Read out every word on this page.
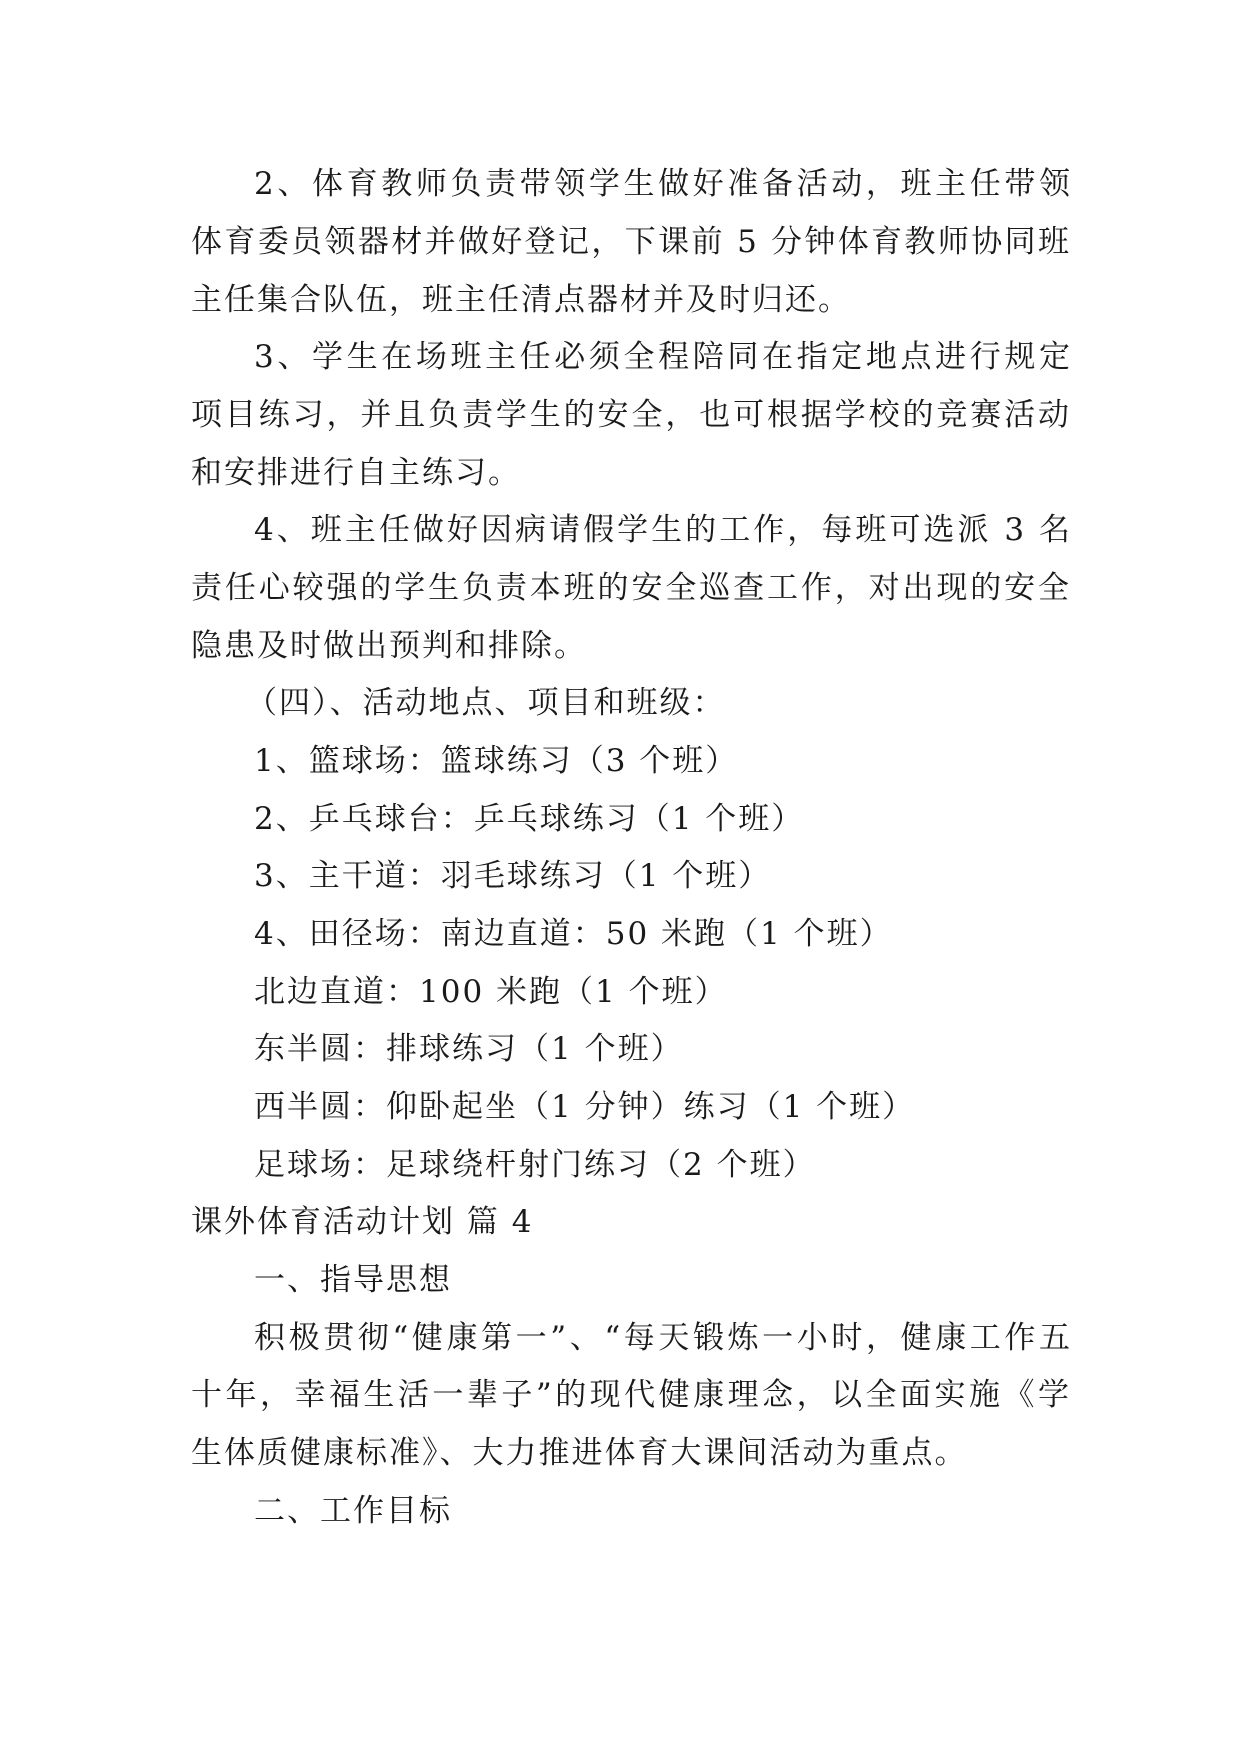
2、体育教师负责带领学生做好准备活动，班主任带领
体育委员领器材并做好登记，下课前 5 分钟体育教师协同班
主任集合队伍，班主任清点器材并及时归还。
3、学生在场班主任必须全程陪同在指定地点进行规定
项目练习，并且负责学生的安全，也可根据学校的竞赛活动
和安排进行自主练习。
4、班主任做好因病请假学生的工作，每班可选派 3 名
责任心较强的学生负责本班的安全巡查工作，对出现的安全
隐患及时做出预判和排除。
（四）、活动地点、项目和班级：
1、篮球场：篮球练习（3 个班）
2、乒乓球台：乒乓球练习（1 个班）
3、主干道：羽毛球练习（1 个班）
4、田径场：南边直道：50 米跑（1 个班）
北边直道：100 米跑（1 个班）
东半圆：排球练习（1 个班）
西半圆：仰卧起坐（1 分钟）练习（1 个班）
足球场：足球绕杆射门练习（2 个班）
课外体育活动计划 篇 4
一、指导思想
积极贯彻“健康第一”、“每天锻炼一小时，健康工作五
十年，幸福生活一辈子”的现代健康理念，以全面实施《学
生体质健康标准》、大力推进体育大课间活动为重点。
二、工作目标
